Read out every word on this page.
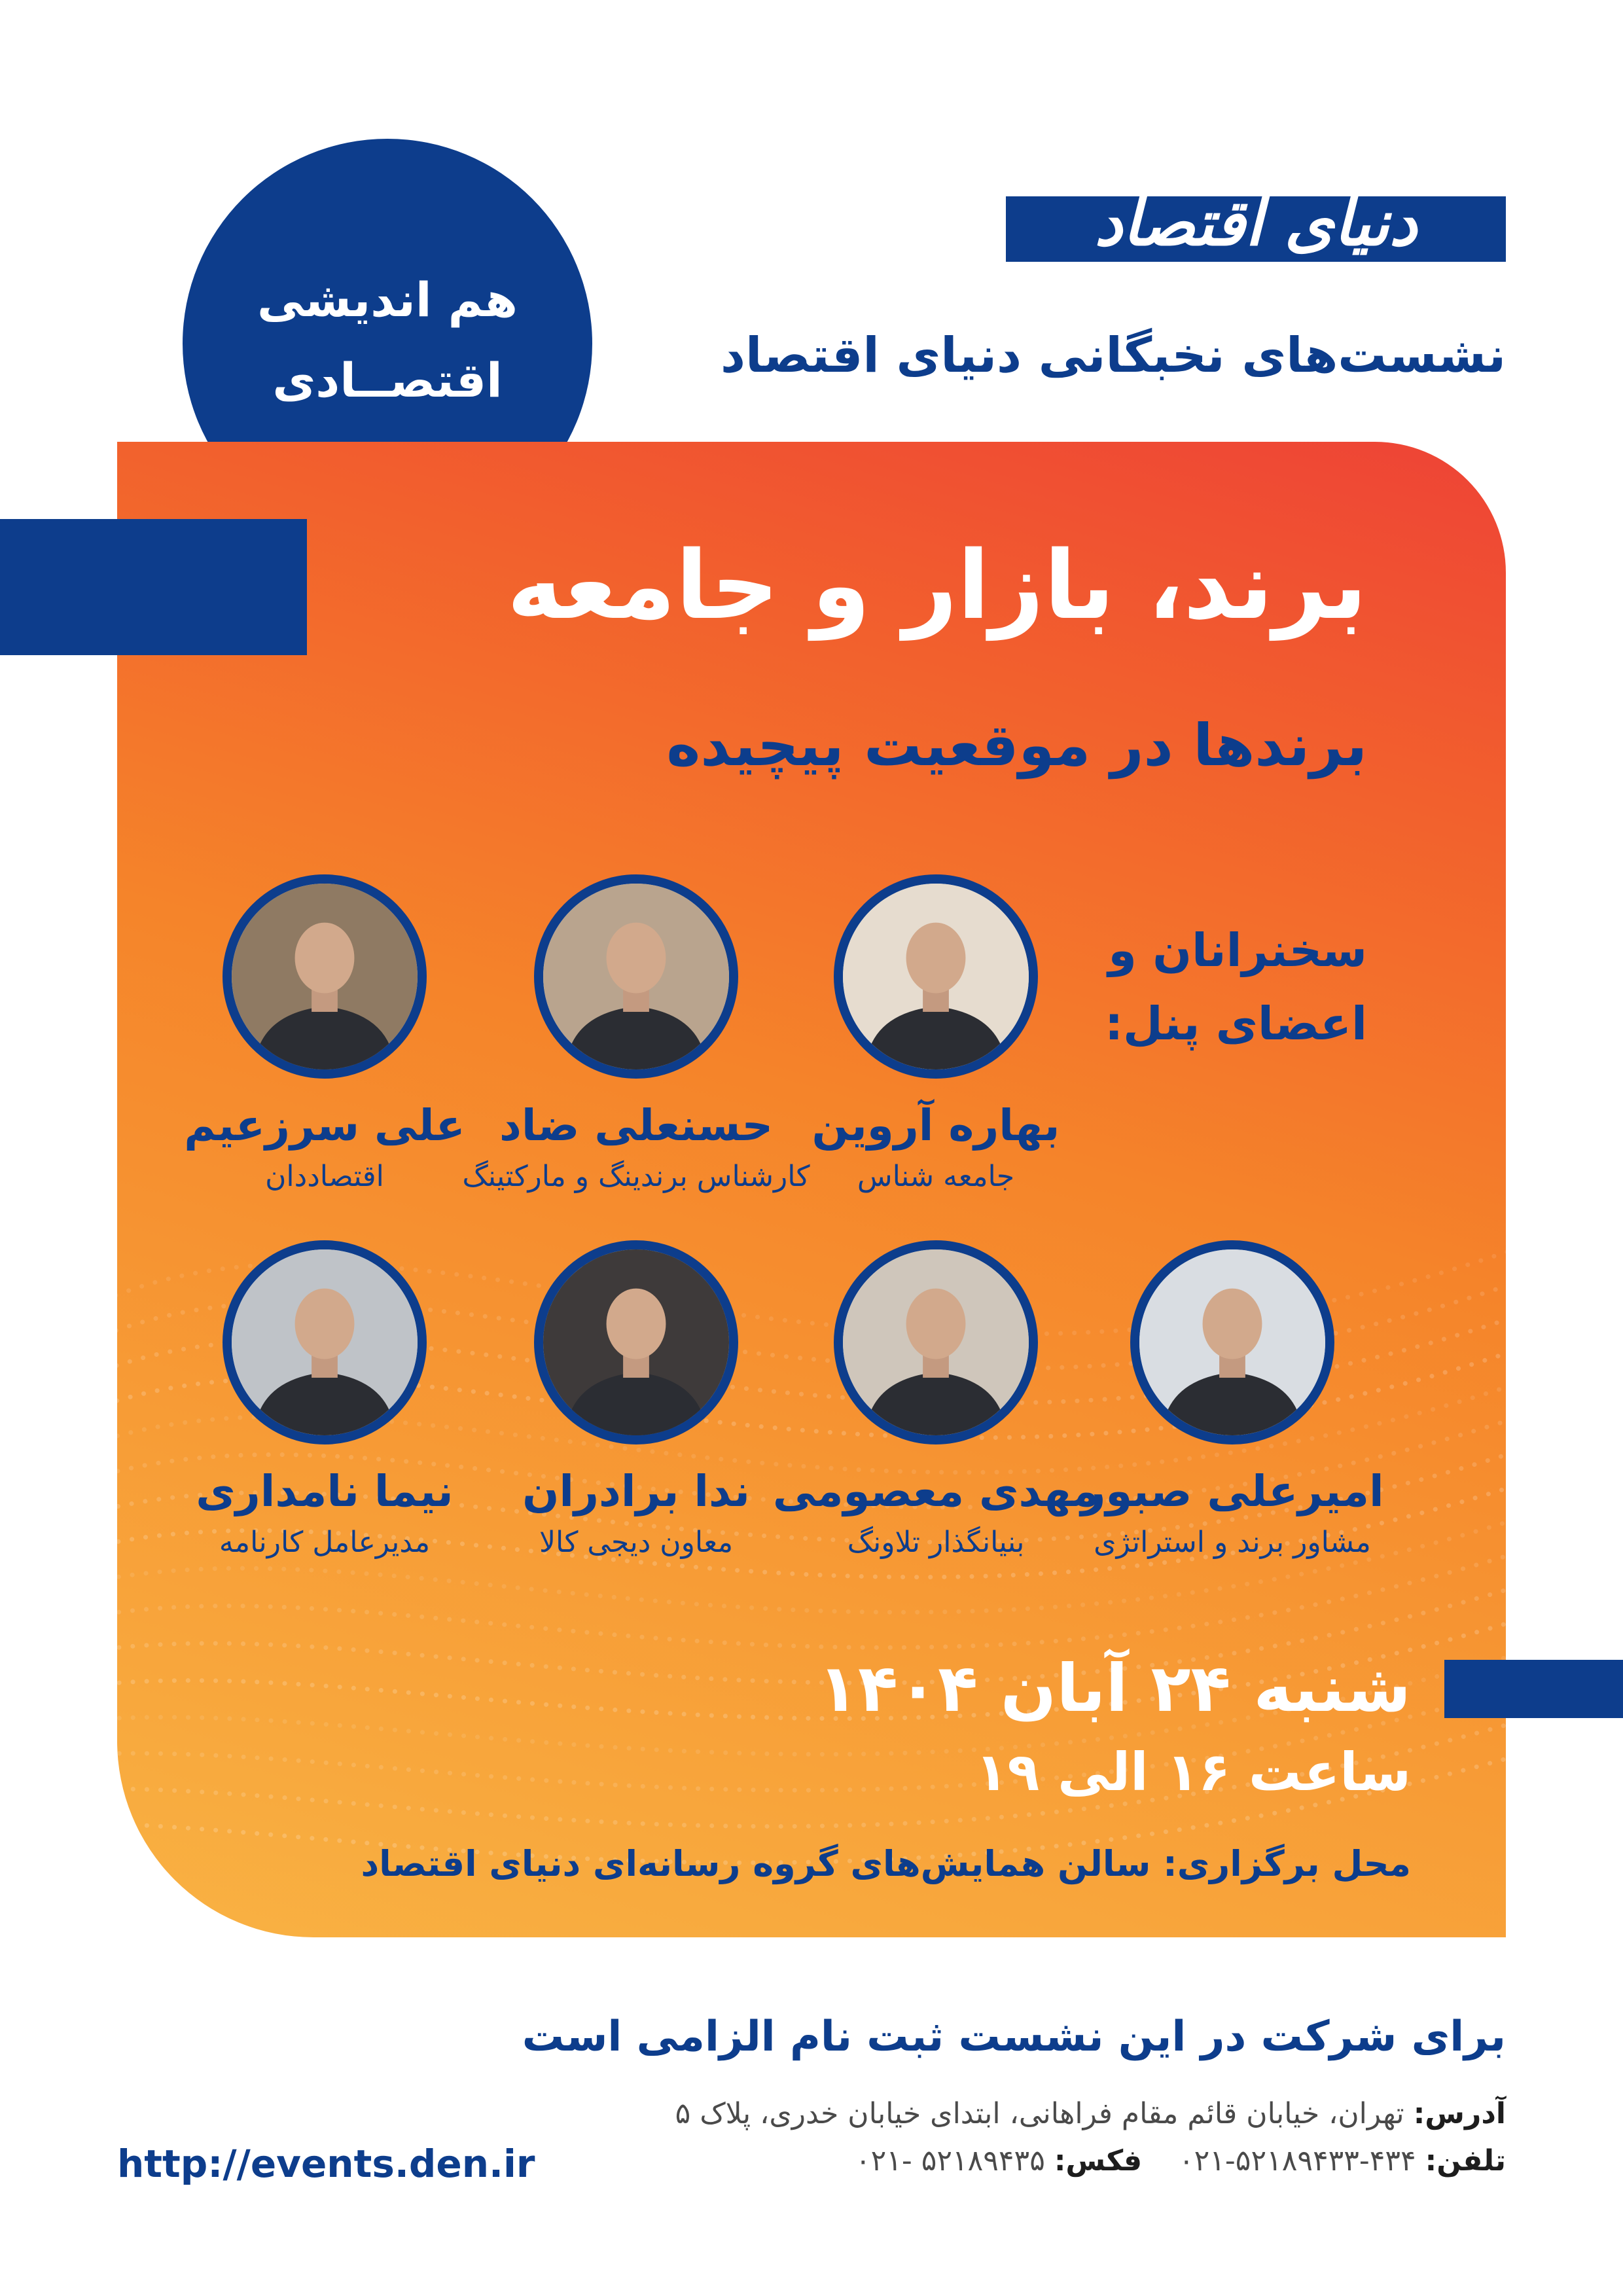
هم اندیشی
اقتصــادی
دنیای اقتصاد
نشست‌های نخبگانی دنیای اقتصاد
برند، بازار و جامعه
برندها در موقعیت پیچیده
سخنرانان و
اعضای پنل:
بهاره آروین
جامعه شناس
حسنعلی ضاد
کارشناس برندینگ و مارکتینگ
علی سرزعیم
اقتصاددان
امیرعلی صبور
مشاور برند و استراتژی
مهدی معصومی
بنیانگذار تلاونگ
ندا برادران
معاون دیجی کالا
نیما نامداری
مدیرعامل کارنامه
شنبه ۲۴ آبان ۱۴۰۴
ساعت ۱۶ الی ۱۹
محل برگزاری: سالن همایش‌های گروه رسانه‌ای دنیای اقتصاد
برای شرکت در این نشست ثبت نام الزامی است
آدرس:تهران، خیابان قائم مقام فراهانی، ابتدای خیابان خدری، پلاک ۵
تلفن:۰۲۱-۵۲۱۸۹۴۳۳-۴۳۴فکس:۰۲۱- ۵۲۱۸۹۴۳۵
http://events.den.ir
